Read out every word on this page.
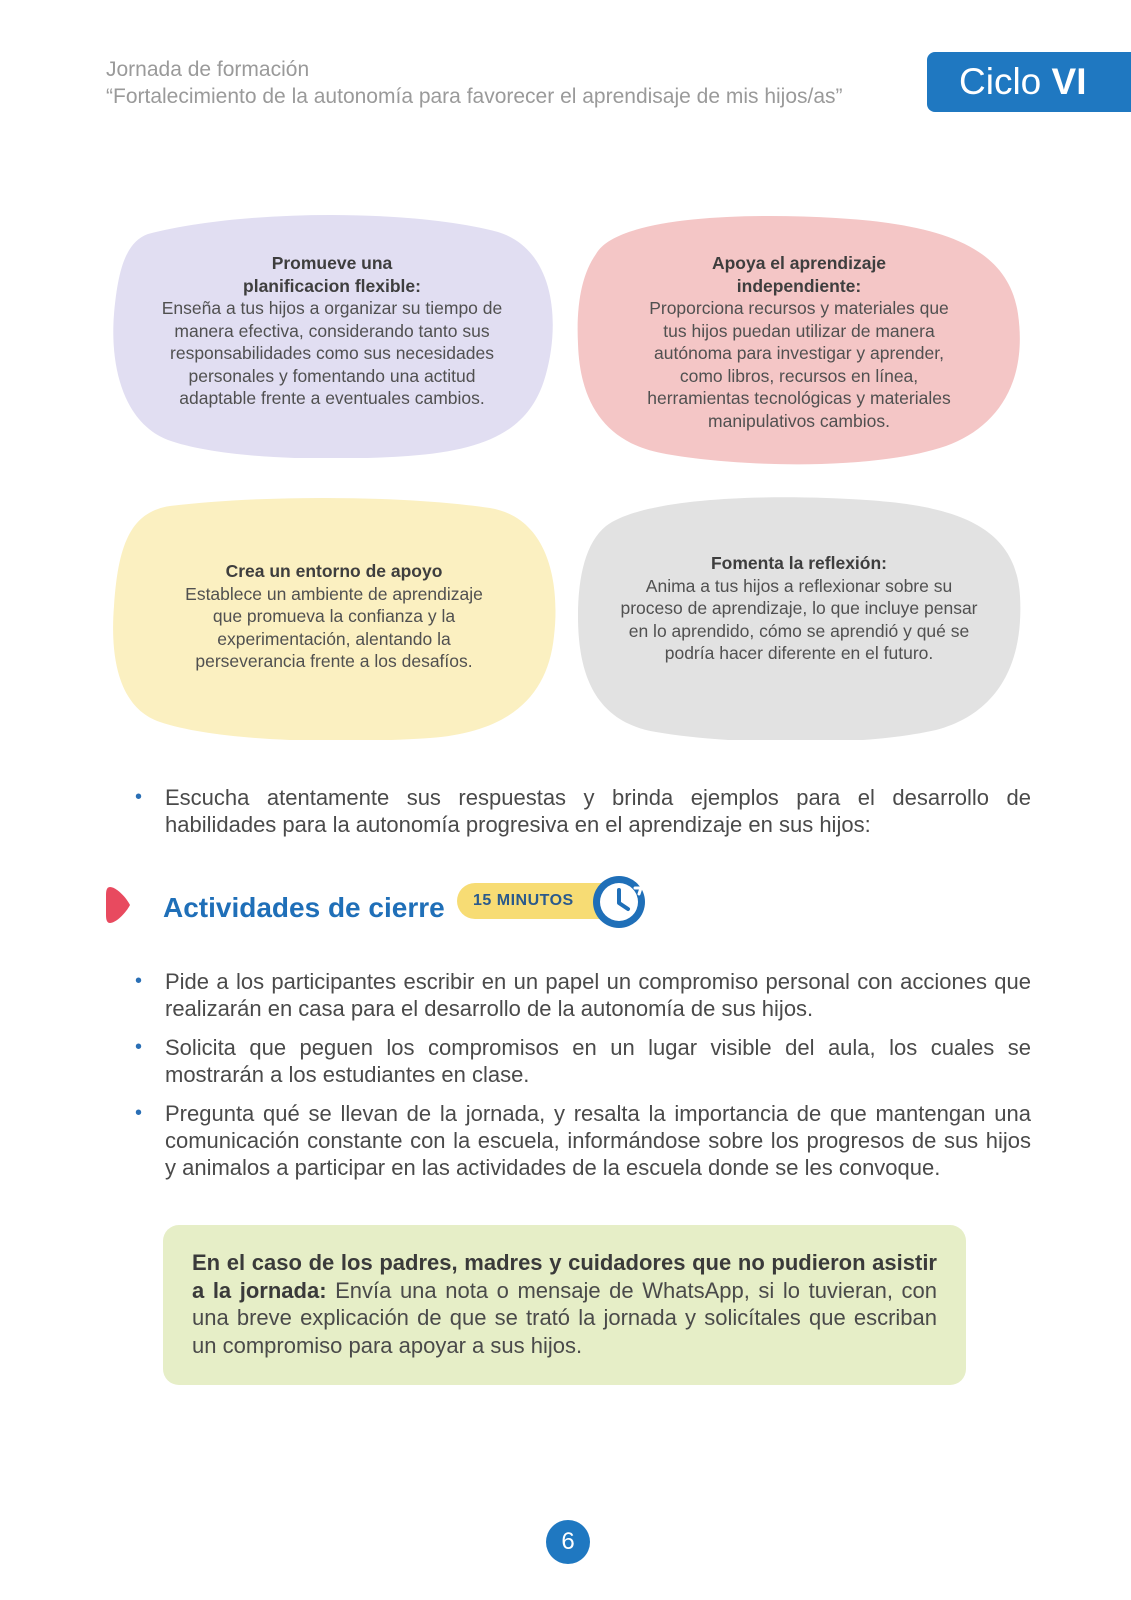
Jornada de formación
“Fortalecimiento de la autonomía para favorecer el aprendisaje de mis hijos/as”	Ciclo VI
Promueve una
planificacion flexible:
Enseña a tus hijos a organizar su tiempo de
manera efectiva, considerando tanto sus
responsabilidades como sus necesidades
personales y fomentando una actitud
adaptable frente a eventuales cambios.
Apoya el aprendizaje
independiente:
Proporciona recursos y materiales que
tus hijos puedan utilizar de manera
autónoma para investigar y aprender,
como libros, recursos en línea,
herramientas tecnológicas y materiales
manipulativos cambios.
Crea un entorno de apoyo
Establece un ambiente de aprendizaje
que promueva la confianza y la
experimentación, alentando la
perseverancia frente a los desafíos.
Fomenta la reflexión:
Anima a tus hijos a reflexionar sobre su
proceso de aprendizaje, lo que incluye pensar
en lo aprendido, cómo se aprendió y qué se
podría hacer diferente en el futuro.
• Escucha atentamente sus respuestas y brinda ejemplos para el desarrollo de habilidades para la autonomía progresiva en el aprendizaje en sus hijos:
Actividades de cierre	15 MINUTOS
• Pide a los participantes escribir en un papel un compromiso personal con acciones que realizarán en casa para el desarrollo de la autonomía de sus hijos.
• Solicita que peguen los compromisos en un lugar visible del aula, los cuales se mostrarán a los estudiantes en clase.
• Pregunta qué se llevan de la jornada, y resalta la importancia de que mantengan una comunicación constante con la escuela, informándose sobre los progresos de sus hijos y animalos a participar en las actividades de la escuela donde se les convoque.
En el caso de los padres, madres y cuidadores que no pudieron asistir a la jornada: Envía una nota o mensaje de WhatsApp, si lo tuvieran, con una breve explicación de que se trató la jornada y solicítales que escriban un compromiso para apoyar a sus hijos.
6
